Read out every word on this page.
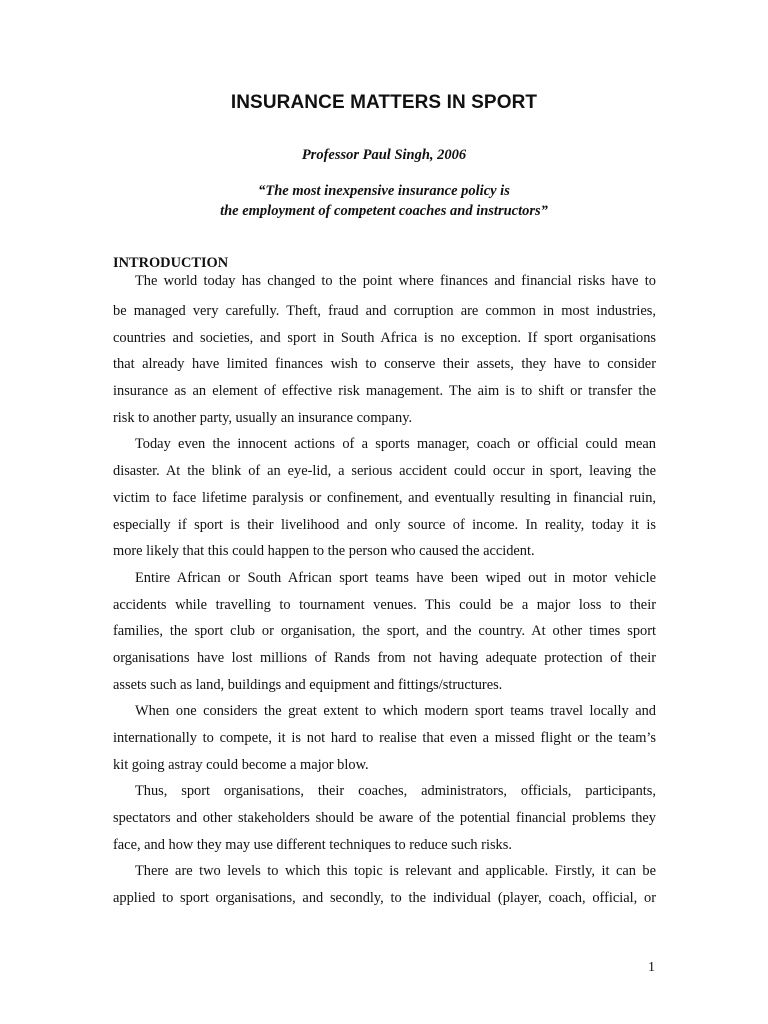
INSURANCE MATTERS IN SPORT
Professor Paul Singh, 2006
“The most inexpensive insurance policy is
the employment of competent coaches and instructors”
INTRODUCTION
The world today has changed to the point where finances and financial risks have to
be managed very carefully. Theft, fraud and corruption are common in most industries,
countries and societies, and sport in South Africa is no exception. If sport organisations
that already have limited finances wish to conserve their assets, they have to consider
insurance as an element of effective risk management. The aim is to shift or transfer the
risk to another party, usually an insurance company.
Today even the innocent actions of a sports manager, coach or official could mean
disaster. At the blink of an eye-lid, a serious accident could occur in sport, leaving the
victim to face lifetime paralysis or confinement, and eventually resulting in financial ruin,
especially if sport is their livelihood and only source of income. In reality, today it is
more likely that this could happen to the person who caused the accident.
Entire African or South African sport teams have been wiped out in motor vehicle
accidents while travelling to tournament venues. This could be a major loss to their
families, the sport club or organisation, the sport, and the country. At other times sport
organisations have lost millions of Rands from not having adequate protection of their
assets such as land, buildings and equipment and fittings/structures.
When one considers the great extent to which modern sport teams travel locally and
internationally to compete, it is not hard to realise that even a missed flight or the team’s
kit going astray could become a major blow.
Thus, sport organisations, their coaches, administrators, officials, participants,
spectators and other stakeholders should be aware of the potential financial problems they
face, and how they may use different techniques to reduce such risks.
There are two levels to which this topic is relevant and applicable. Firstly, it can be
applied to sport organisations, and secondly, to the individual (player, coach, official, or
1
